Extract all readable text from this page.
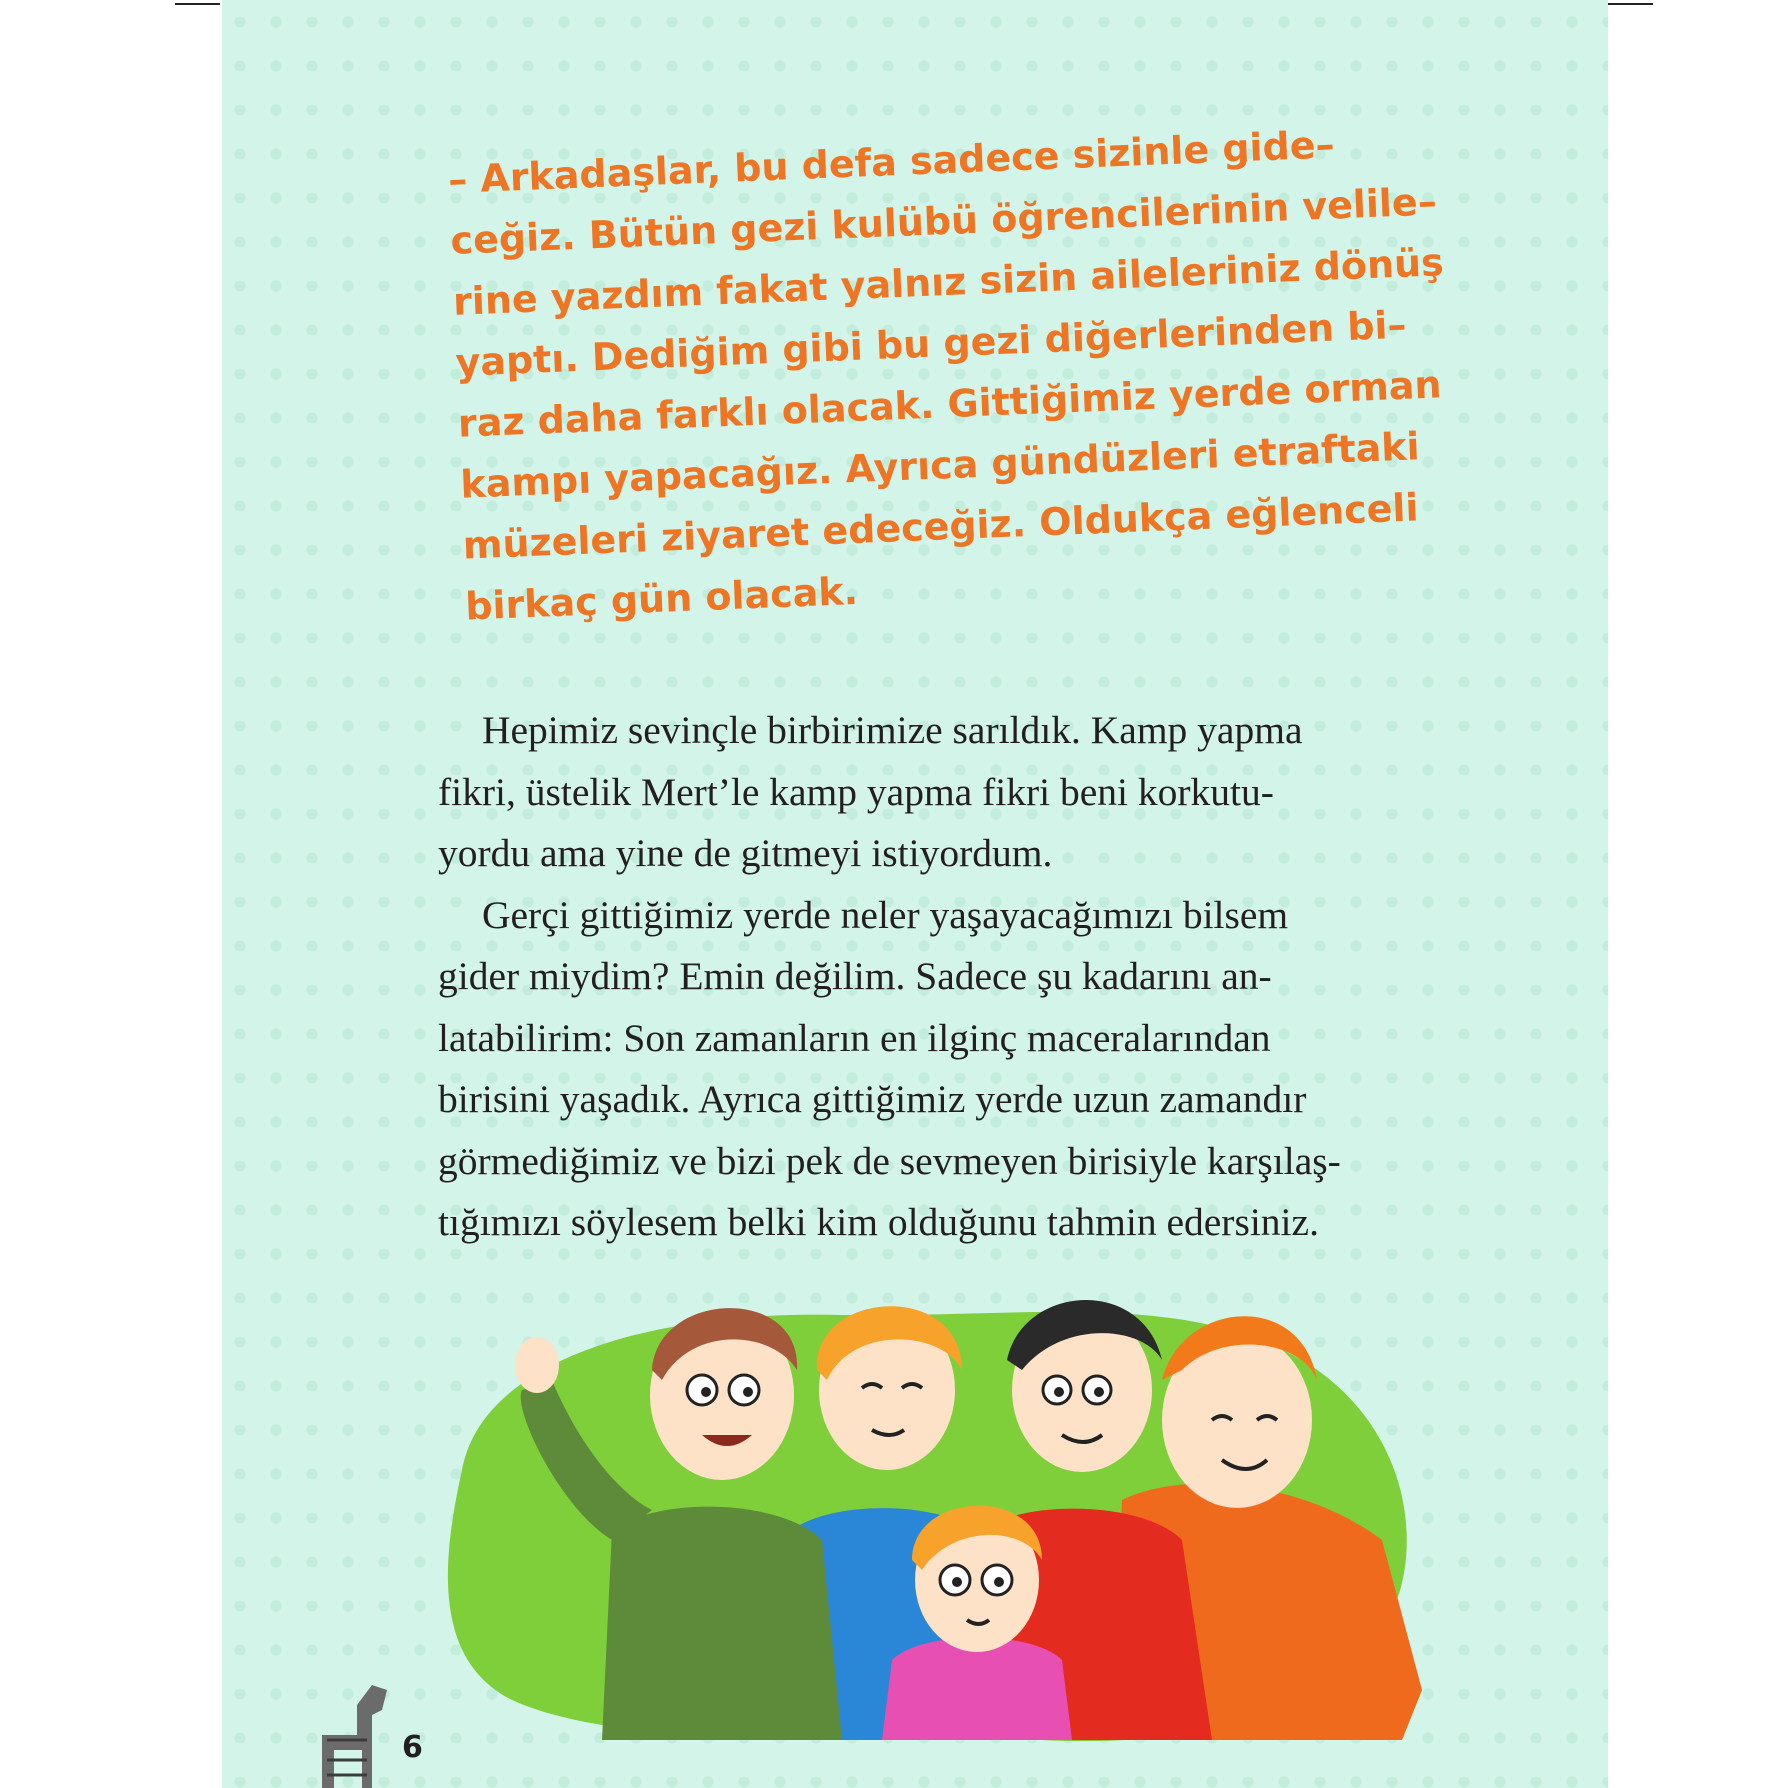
– Arkadaşlar, bu defa sadece sizinle gide–
ceğiz. Bütün gezi kulübü öğrencilerinin velile–
rine yazdım fakat yalnız sizin aileleriniz dönüş
yaptı. Dediğim gibi bu gezi diğerlerinden bi–
raz daha farklı olacak. Gittiğimiz yerde orman
kampı yapacağız. Ayrıca gündüzleri etraftaki
müzeleri ziyaret edeceğiz. Oldukça eğlenceli
birkaç gün olacak.

Hepimiz sevinçle birbirimize sarıldık. Kamp yapma
fikri, üstelik Mert’le kamp yapma fikri beni korkutu-
yordu ama yine de gitmeyi istiyordum.

Gerçi gittiğimiz yerde neler yaşayacağımızı bilsem
gider miydim? Emin değilim. Sadece şu kadarını an-
latabilirim: Son zamanların en ilginç maceralarından
birisini yaşadık. Ayrıca gittiğimiz yerde uzun zamandır
görmediğimiz ve bizi pek de sevmeyen birisiyle karşılaş-
tığımızı söylesem belki kim olduğunu tahmin edersiniz.

6
